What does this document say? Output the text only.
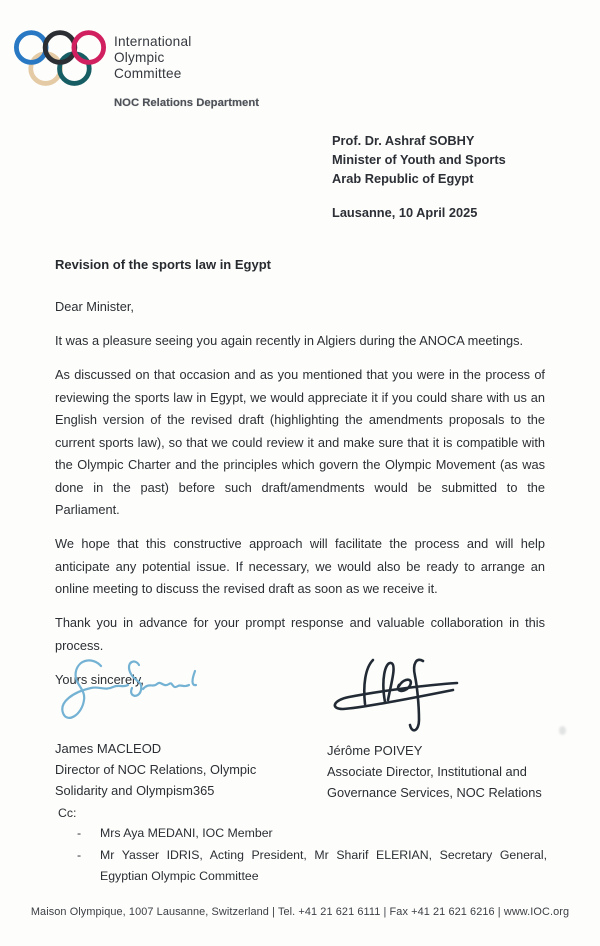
International
Olympic
Committee
NOC Relations Department
Prof. Dr. Ashraf SOBHY
Minister of Youth and Sports
Arab Republic of Egypt
Lausanne, 10 April 2025
Revision of the sports law in Egypt

Dear Minister,

It was a pleasure seeing you again recently in Algiers during the ANOCA meetings.

As discussed on that occasion and as you mentioned that you were in the process of reviewing the sports law in Egypt, we would appreciate it if you could share with us an English version of the revised draft (highlighting the amendments proposals to the current sports law), so that we could review it and make sure that it is compatible with the Olympic Charter and the principles which govern the Olympic Movement (as was done in the past) before such draft/amendments would be submitted to the Parliament.

We hope that this constructive approach will facilitate the process and will help anticipate any potential issue. If necessary, we would also be ready to arrange an online meeting to discuss the revised draft as soon as we receive it.

Thank you in advance for your prompt response and valuable collaboration in this process.

Yours sincerely,

James MACLEOD
Director of NOC Relations, Olympic
Solidarity and Olympism365
Jérôme POIVEY
Associate Director, Institutional and
Governance Services, NOC Relations
Cc:
- Mrs Aya MEDANI, IOC Member
- Mr Yasser IDRIS, Acting President, Mr Sharif ELERIAN, Secretary General, Egyptian Olympic Committee
Maison Olympique, 1007 Lausanne, Switzerland | Tel. +41 21 621 6111 | Fax +41 21 621 6216 | www.IOC.org
